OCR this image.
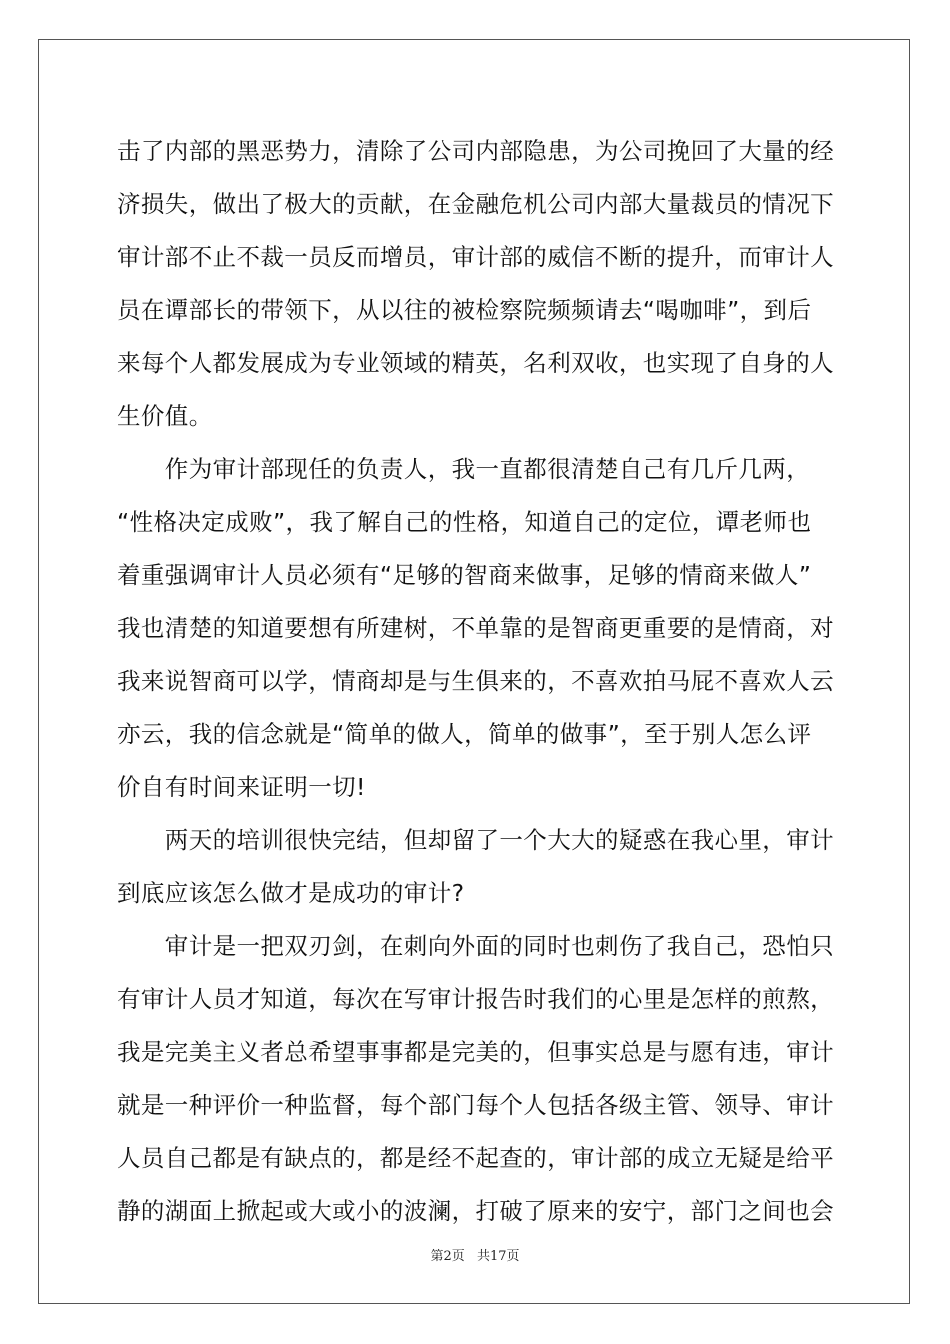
击了内部的黑恶势力，清除了公司内部隐患，为公司挽回了大量的经
济损失，做出了极大的贡献，在金融危机公司内部大量裁员的情况下
审计部不止不裁一员反而增员，审计部的威信不断的提升，而审计人
员在谭部长的带领下，从以往的被检察院频频请去“喝咖啡”，到后
来每个人都发展成为专业领域的精英，名利双收，也实现了自身的人
生价值。
　　作为审计部现任的负责人，我一直都很清楚自己有几斤几两，
“性格决定成败”，我了解自己的性格，知道自己的定位，谭老师也
着重强调审计人员必须有“足够的智商来做事，足够的情商来做人”
我也清楚的知道要想有所建树，不单靠的是智商更重要的是情商，对
我来说智商可以学，情商却是与生俱来的，不喜欢拍马屁不喜欢人云
亦云，我的信念就是“简单的做人，简单的做事”，至于别人怎么评
价自有时间来证明一切!
　　两天的培训很快完结，但却留了一个大大的疑惑在我心里，审计
到底应该怎么做才是成功的审计?
　　审计是一把双刃剑，在刺向外面的同时也刺伤了我自己，恐怕只
有审计人员才知道，每次在写审计报告时我们的心里是怎样的煎熬，
我是完美主义者总希望事事都是完美的，但事实总是与愿有违，审计
就是一种评价一种监督，每个部门每个人包括各级主管、领导、审计
人员自己都是有缺点的，都是经不起查的，审计部的成立无疑是给平
静的湖面上掀起或大或小的波澜，打破了原来的安宁，部门之间也会
第2页 共17页
